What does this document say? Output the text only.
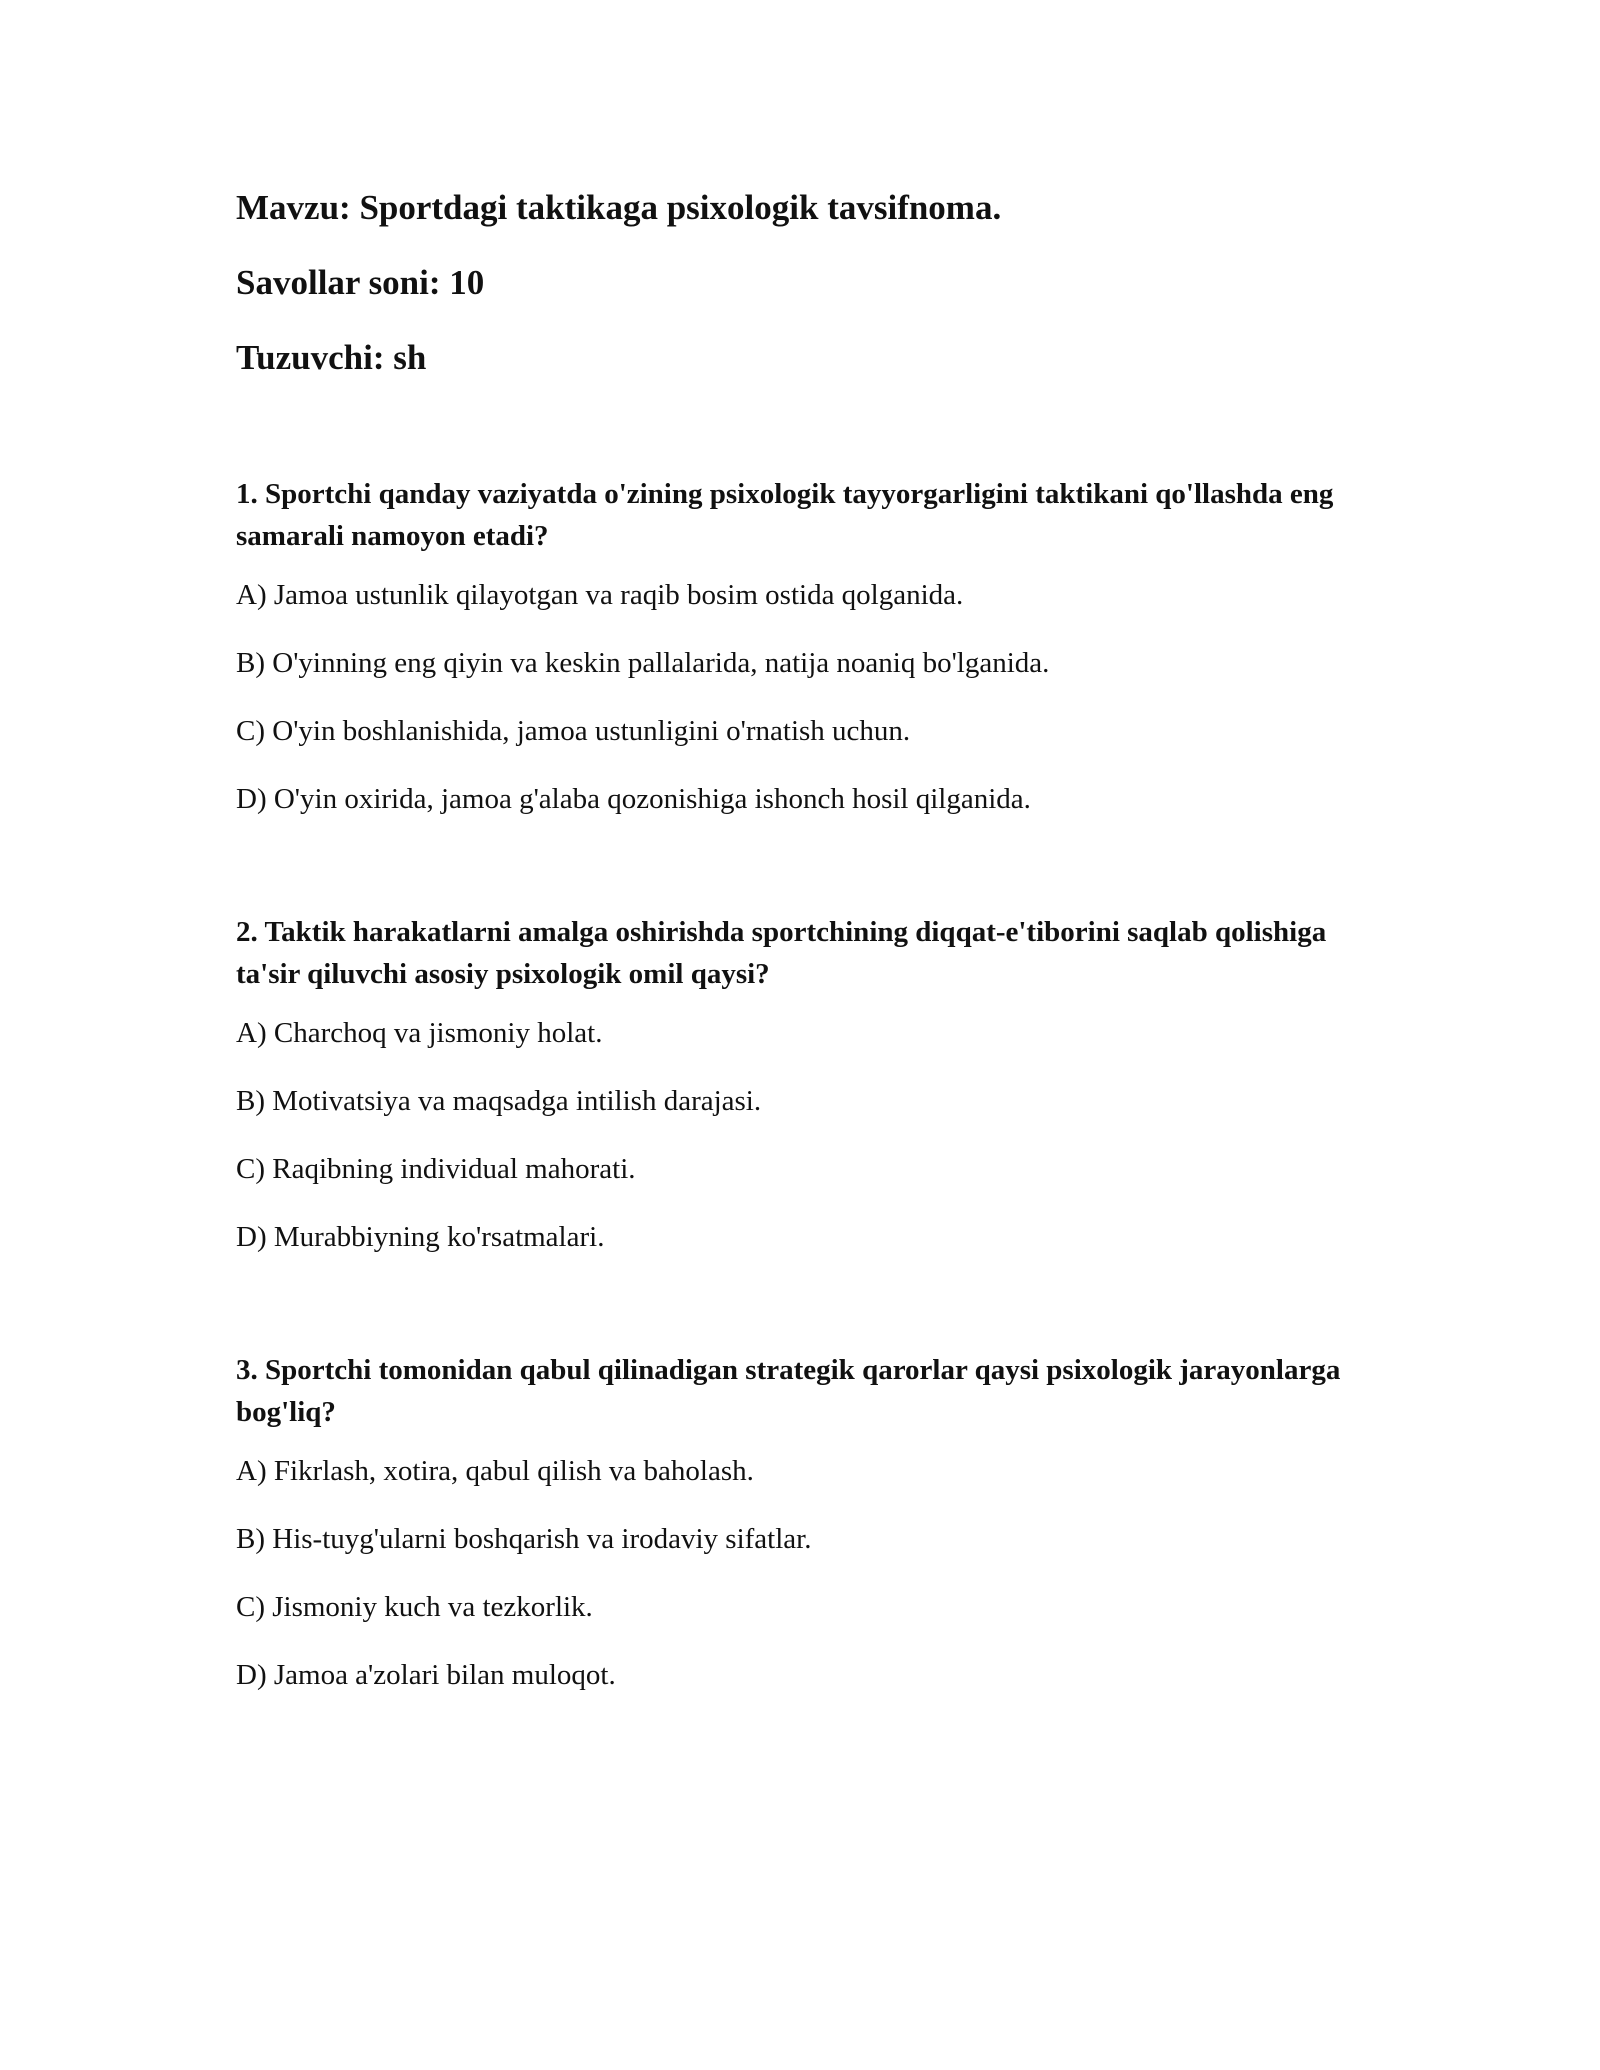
Mavzu: Sportdagi taktikaga psixologik tavsifnoma.
Savollar soni: 10
Tuzuvchi: sh
1. Sportchi qanday vaziyatda o'zining psixologik tayyorgarligini taktikani qo'llashda eng samarali namoyon etadi?
A) Jamoa ustunlik qilayotgan va raqib bosim ostida qolganida.
B) O'yinning eng qiyin va keskin pallalarida, natija noaniq bo'lganida.
C) O'yin boshlanishida, jamoa ustunligini o'rnatish uchun.
D) O'yin oxirida, jamoa g'alaba qozonishiga ishonch hosil qilganida.
2. Taktik harakatlarni amalga oshirishda sportchining diqqat-e'tiborini saqlab qolishiga ta'sir qiluvchi asosiy psixologik omil qaysi?
A) Charchoq va jismoniy holat.
B) Motivatsiya va maqsadga intilish darajasi.
C) Raqibning individual mahorati.
D) Murabbiyning ko'rsatmalari.
3. Sportchi tomonidan qabul qilinadigan strategik qarorlar qaysi psixologik jarayonlarga bog'liq?
A) Fikrlash, xotira, qabul qilish va baholash.
B) His-tuyg'ularni boshqarish va irodaviy sifatlar.
C) Jismoniy kuch va tezkorlik.
D) Jamoa a'zolari bilan muloqot.
